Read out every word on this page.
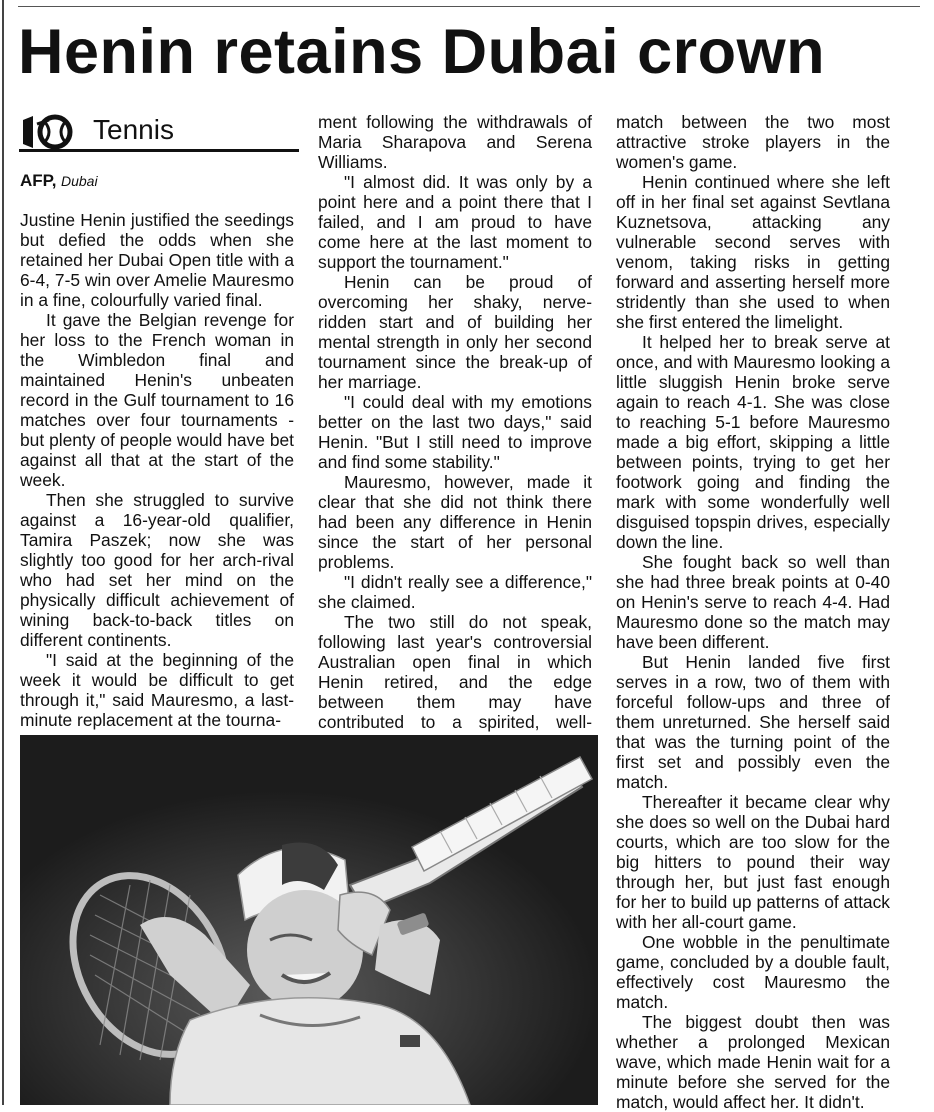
Henin retains Dubai crown
Tennis
AFP, Dubai

Justine Henin justified the seedings but defied the odds when she retained her Dubai Open title with a 6-4, 7-5 win over Amelie Mauresmo in a fine, colourfully varied final.

It gave the Belgian revenge for her loss to the French woman in the Wimbledon final and maintained Henin's unbeaten record in the Gulf tournament to 16 matches over four tournaments - but plenty of people would have bet against all that at the start of the week.

Then she struggled to survive against a 16-year-old qualifier, Tamira Paszek; now she was slightly too good for her arch-rival who had set her mind on the physically difficult achievement of wining back-to-back titles on different continents.

"I said at the beginning of the week it would be difficult to get through it," said Mauresmo, a last-minute replacement at the tourna-

ment following the withdrawals of Maria Sharapova and Serena Williams.

"I almost did. It was only by a point here and a point there that I failed, and I am proud to have come here at the last moment to support the tournament."

Henin can be proud of overcoming her shaky, nerve-ridden start and of building her mental strength in only her second tournament since the break-up of her marriage.

"I could deal with my emotions better on the last two days," said Henin. "But I still need to improve and find some stability."

Mauresmo, however, made it clear that she did not think there had been any difference in Henin since the start of her personal problems.

"I didn't really see a difference," she claimed.

The two still do not speak, following last year's controversial Australian open final in which Henin retired, and the edge between them may have contributed to a spirited, well-

match between the two most attractive stroke players in the women's game.

Henin continued where she left off in her final set against Sevtlana Kuznetsova, attacking any vulnerable second serves with venom, taking risks in getting forward and asserting herself more stridently than she used to when she first entered the limelight.

It helped her to break serve at once, and with Mauresmo looking a little sluggish Henin broke serve again to reach 4-1. She was close to reaching 5-1 before Mauresmo made a big effort, skipping a little between points, trying to get her footwork going and finding the mark with some wonderfully well disguised topspin drives, especially down the line.

She fought back so well than she had three break points at 0-40 on Henin's serve to reach 4-4. Had Mauresmo done so the match may have been different.

But Henin landed five first serves in a row, two of them with forceful follow-ups and three of them unreturned. She herself said that was the turning point of the first set and possibly even the match.

Thereafter it became clear why she does so well on the Dubai hard courts, which are too slow for the big hitters to pound their way through her, but just fast enough for her to build up patterns of attack with her all-court game.

One wobble in the penultimate game, concluded by a double fault, effectively cost Mauresmo the match.

The biggest doubt then was whether a prolonged Mexican wave, which made Henin wait for a minute before she served for the match, would affect her. It didn't.
